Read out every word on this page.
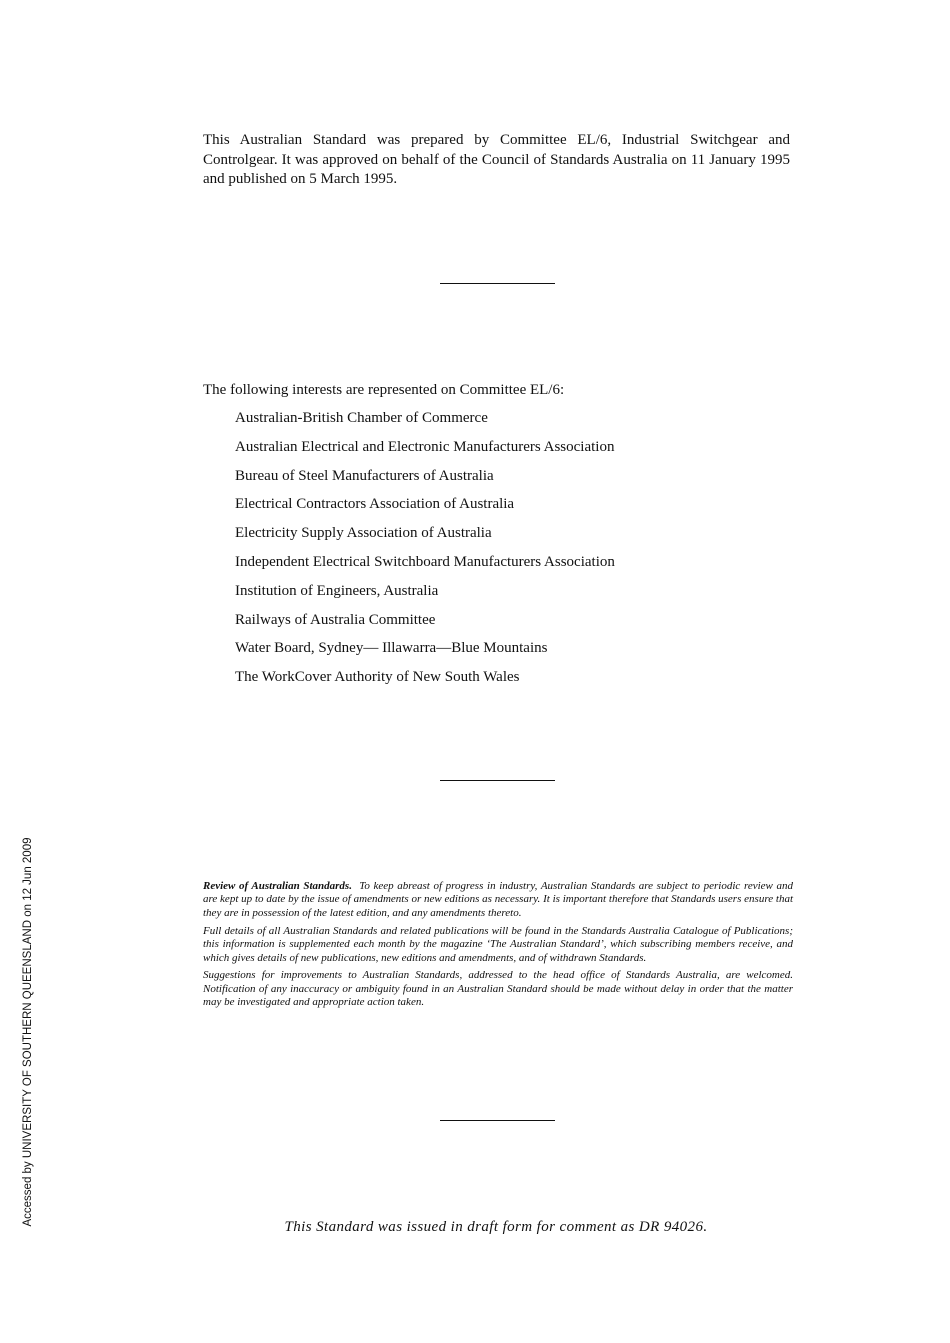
This Australian Standard was prepared by Committee EL/6, Industrial Switchgear and Controlgear. It was approved on behalf of the Council of Standards Australia on 11 January 1995 and published on 5 March 1995.
The following interests are represented on Committee EL/6:
Australian-British Chamber of Commerce
Australian Electrical and Electronic Manufacturers Association
Bureau of Steel Manufacturers of Australia
Electrical Contractors Association of Australia
Electricity Supply Association of Australia
Independent Electrical Switchboard Manufacturers Association
Institution of Engineers, Australia
Railways of Australia Committee
Water Board, Sydney— Illawarra—Blue Mountains
The WorkCover Authority of New South Wales

Review of Australian Standards. To keep abreast of progress in industry, Australian Standards are subject to periodic review and are kept up to date by the issue of amendments or new editions as necessary. It is important therefore that Standards users ensure that they are in possession of the latest edition, and any amendments thereto.

Full details of all Australian Standards and related publications will be found in the Standards Australia Catalogue of Publications; this information is supplemented each month by the magazine ‘The Australian Standard’, which subscribing members receive, and which gives details of new publications, new editions and amendments, and of withdrawn Standards.

Suggestions for improvements to Australian Standards, addressed to the head office of Standards Australia, are welcomed. Notification of any inaccuracy or ambiguity found in an Australian Standard should be made without delay in order that the matter may be investigated and appropriate action taken.

This Standard was issued in draft form for comment as DR 94026.
Accessed by UNIVERSITY OF SOUTHERN QUEENSLAND on 12 Jun 2009
